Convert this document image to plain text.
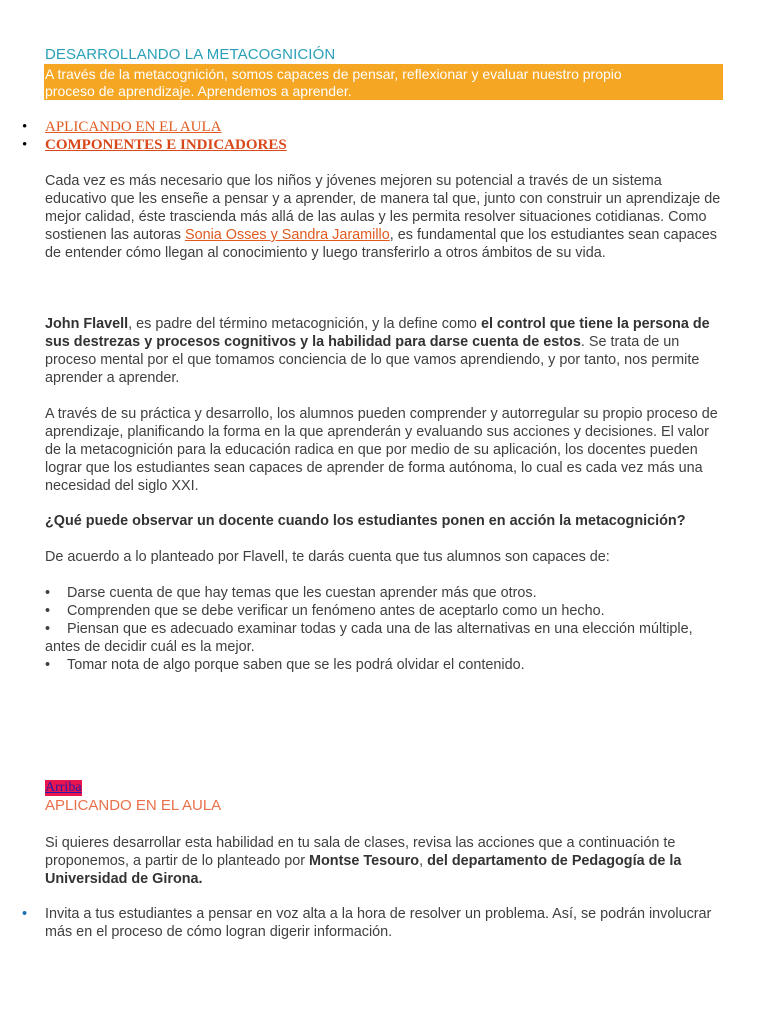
DESARROLLANDO LA METACOGNICIÓN
A través de la metacognición, somos capaces de pensar, reflexionar y evaluar nuestro propio
proceso de aprendizaje. Aprendemos a aprender.
• APLICANDO EN EL AULA
• COMPONENTES E INDICADORES

Cada vez es más necesario que los niños y jóvenes mejoren su potencial a través de un sistema educativo que les enseñe a pensar y a aprender, de manera tal que, junto con construir un aprendizaje de mejor calidad, éste trascienda más allá de las aulas y les permita resolver situaciones cotidianas. Como sostienen las autoras Sonia Osses y Sandra Jaramillo, es fundamental que los estudiantes sean capaces de entender cómo llegan al conocimiento y luego transferirlo a otros ámbitos de su vida.

John Flavell, es padre del término metacognición, y la define como el control que tiene la persona de sus destrezas y procesos cognitivos y la habilidad para darse cuenta de estos. Se trata de un proceso mental por el que tomamos conciencia de lo que vamos aprendiendo, y por tanto, nos permite aprender a aprender.

A través de su práctica y desarrollo, los alumnos pueden comprender y autorregular su propio proceso de aprendizaje, planificando la forma en la que aprenderán y evaluando sus acciones y decisiones. El valor de la metacognición para la educación radica en que por medio de su aplicación, los docentes pueden lograr que los estudiantes sean capaces de aprender de forma autónoma, lo cual es cada vez más una necesidad del siglo XXI.

¿Qué puede observar un docente cuando los estudiantes ponen en acción la metacognición?

De acuerdo a lo planteado por Flavell, te darás cuenta que tus alumnos son capaces de:

• Darse cuenta de que hay temas que les cuestan aprender más que otros.
• Comprenden que se debe verificar un fenómeno antes de aceptarlo como un hecho.
• Piensan que es adecuado examinar todas y cada una de las alternativas en una elección múltiple,
antes de decidir cuál es la mejor.
• Tomar nota de algo porque saben que se les podrá olvidar el contenido.
Arriba
APLICANDO EN EL AULA

Si quieres desarrollar esta habilidad en tu sala de clases, revisa las acciones que a continuación te proponemos, a partir de lo planteado por Montse Tesouro, del departamento de Pedagogía de la Universidad de Girona.

• Invita a tus estudiantes a pensar en voz alta a la hora de resolver un problema. Así, se podrán involucrar más en el proceso de cómo logran digerir información.
